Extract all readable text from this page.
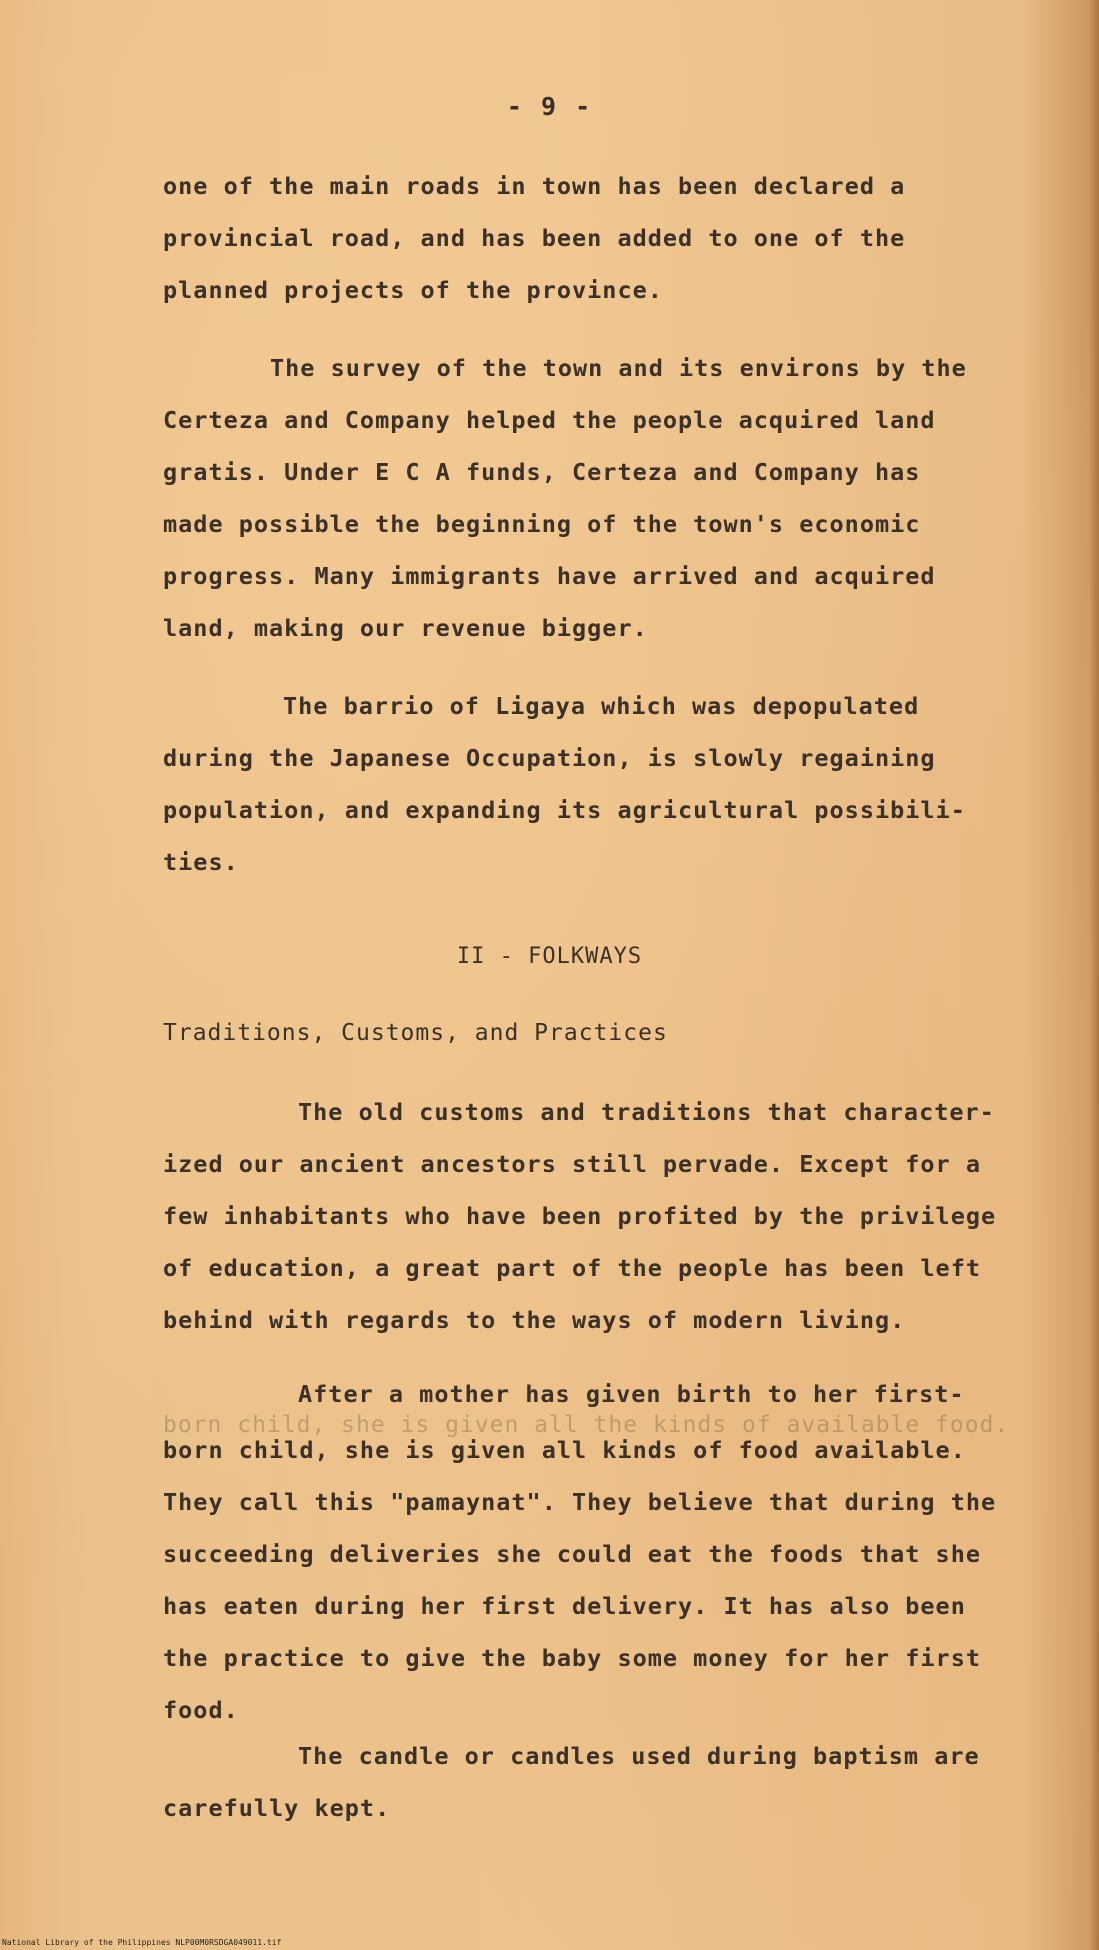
- 9 -
one of the main roads in town has been declared a
provincial road, and has been added to one of the
planned projects of the province.
The survey of the town and its environs by the
Certeza and Company helped the people acquired land
gratis. Under E C A funds, Certeza and Company has
made possible the beginning of the town's economic
progress. Many immigrants have arrived and acquired
land, making our revenue bigger.
The barrio of Ligaya which was depopulated
during the Japanese Occupation, is slowly regaining
population, and expanding its agricultural possibili-
ties.
II - FOLKWAYS
Traditions, Customs, and Practices
The old customs and traditions that character-
ized our ancient ancestors still pervade. Except for a
few inhabitants who have been profited by the privilege
of education, a great part of the people has been left
behind with regards to the ways of modern living.
After a mother has given birth to her first-
born child, she is given all the kinds of available food.
born child, she is given all kinds of food available.
They call this "pamaynat". They believe that during the
succeeding deliveries she could eat the foods that she
has eaten during her first delivery. It has also been
the practice to give the baby some money for her first
food.
The candle or candles used during baptism are
carefully kept.
National Library of the Philippines NLP00M0RSDGA049011.tif
